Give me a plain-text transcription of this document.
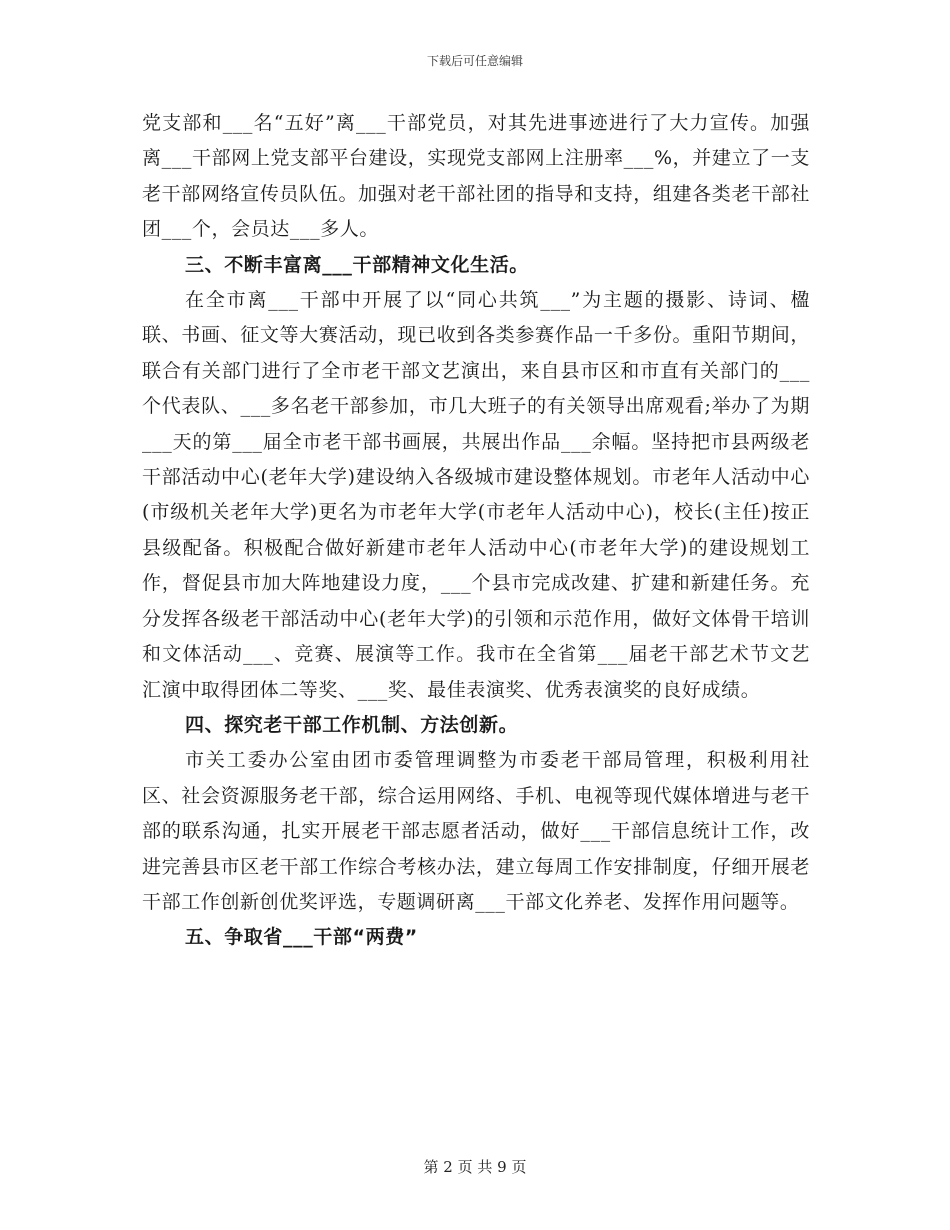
下载后可任意编辑

党支部和___名“五好”离___干部党员，对其先进事迹进行了大力宣传。加强离___干部网上党支部平台建设，实现党支部网上注册率___%，并建立了一支老干部网络宣传员队伍。加强对老干部社团的指导和支持，组建各类老干部社团___个，会员达___多人。

三、不断丰富离___干部精神文化生活。

在全市离___干部中开展了以“同心共筑___”为主题的摄影、诗词、楹联、书画、征文等大赛活动，现已收到各类参赛作品一千多份。重阳节期间，联合有关部门进行了全市老干部文艺演出，来自县市区和市直有关部门的___个代表队、___多名老干部参加，市几大班子的有关领导出席观看;举办了为期___天的第___届全市老干部书画展，共展出作品___余幅。坚持把市县两级老干部活动中心(老年大学)建设纳入各级城市建设整体规划。市老年人活动中心(市级机关老年大学)更名为市老年大学(市老年人活动中心)，校长(主任)按正县级配备。积极配合做好新建市老年人活动中心(市老年大学)的建设规划工作，督促县市加大阵地建设力度，___个县市完成改建、扩建和新建任务。充分发挥各级老干部活动中心(老年大学)的引领和示范作用，做好文体骨干培训和文体活动___、竞赛、展演等工作。我市在全省第___届老干部艺术节文艺汇演中取得团体二等奖、___奖、最佳表演奖、优秀表演奖的良好成绩。

四、探究老干部工作机制、方法创新。

市关工委办公室由团市委管理调整为市委老干部局管理，积极利用社区、社会资源服务老干部，综合运用网络、手机、电视等现代媒体增进与老干部的联系沟通，扎实开展老干部志愿者活动，做好___干部信息统计工作，改进完善县市区老干部工作综合考核办法，建立每周工作安排制度，仔细开展老干部工作创新创优奖评选，专题调研离___干部文化养老、发挥作用问题等。

五、争取省___干部“两费”

第 2 页 共 9 页
